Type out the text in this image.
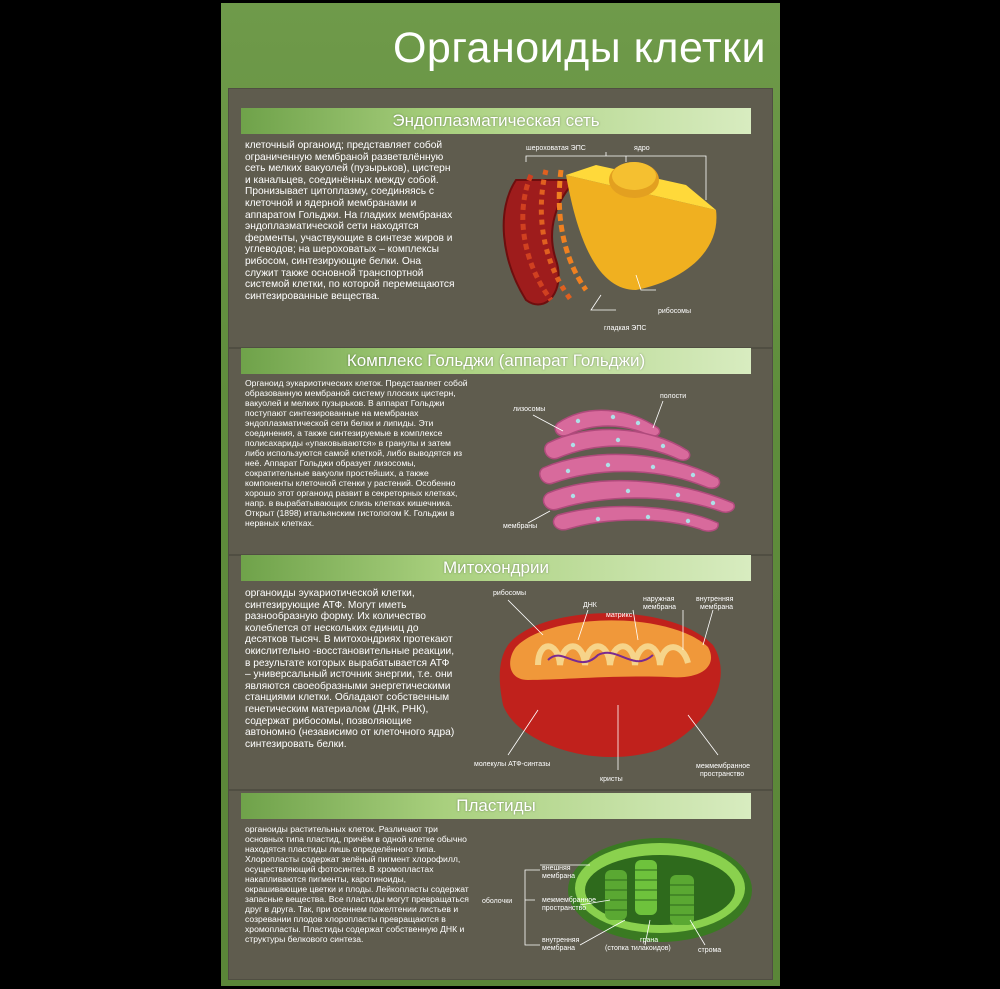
Органоиды клетки
Эндоплазматическая сеть

клеточный органоид; представляет собой ограниченную мембраной разветвлённую сеть мелких вакуолей (пузырьков), цистерн и канальцев, соединённых между собой. Пронизывает цитоплазму, соединяясь с клеточной и ядерной мембранами и аппаратом Гольджи. На гладких мембранах эндоплазматической сети находятся ферменты, участвующие в синтезе жиров и углеводов; на шероховатых – комплексы рибосом, синтезирующие белки. Она служит также основной транспортной системой клетки, по которой перемещаются синтезированные вещества.

шероховатая ЭПС	ядро
рибосомы
гладкая ЭПС
Комплекс Гольджи (аппарат Гольджи)

Органоид эукариотических клеток. Представляет собой образованную мембраной систему плоских цистерн, вакуолей и мелких пузырьков. В аппарат Гольджи поступают синтезированные на мембранах эндоплазматической сети белки и липиды. Эти соединения, а также синтезируемые в комплексе полисахариды «упаковываются» в гранулы и затем либо используются самой клеткой, либо выводятся из неё. Аппарат Гольджи образует лизосомы, сократительные вакуоли простейших, а также компоненты клеточной стенки у растений. Особенно хорошо этот органоид развит в секреторных клетках, напр. в вырабатывающих слизь клетках кишечника. Открыт (1898) итальянским гистологом К. Гольджи в нервных клетках.

лизосомы
полости
мембраны
Митохондрии

органоиды эукариотической клетки, синтезирующие АТФ. Могут иметь разнообразную форму. Их количество колеблется от нескольких единиц до десятков тысяч. В митохондриях протекают окислительно -восстановительные реакции, в результате которых вырабатывается АТФ – универсальный источник энергии, т.е. они являются своеобразными энергетическими станциями клетки. Обладают собственным генетическим материалом (ДНК, РНК), содержат рибосомы, позволяющие автономно (независимо от клеточного ядра) синтезировать белки.

рибосомы
ДНК
матрикс
наружная
мембрана
внутренняя
мембрана
молекулы АТФ-синтазы
кристы
межмембранное
пространство
Пластиды

органоиды растительных клеток. Различают три основных типа пластид, причём в одной клетке обычно находятся пластиды лишь определённого типа. Хлоропласты содержат зелёный пигмент хлорофилл, осуществляющий фотосинтез. В хромопластах накапливаются пигменты, каротиноиды, окрашивающие цветки и плоды. Лейкопласты содержат запасные вещества. Все пластиды могут превращаться друг в друга. Так, при осеннем пожелтении листьев и созревании плодов хлоропласты превращаются в хромопласты. Пластиды содержат собственную ДНК и структуры белкового синтеза.

оболочки
внешняя
мембрана
межмембранное
пространство
внутренняя
мембрана
грана
(стопка тилакоидов)	строма
